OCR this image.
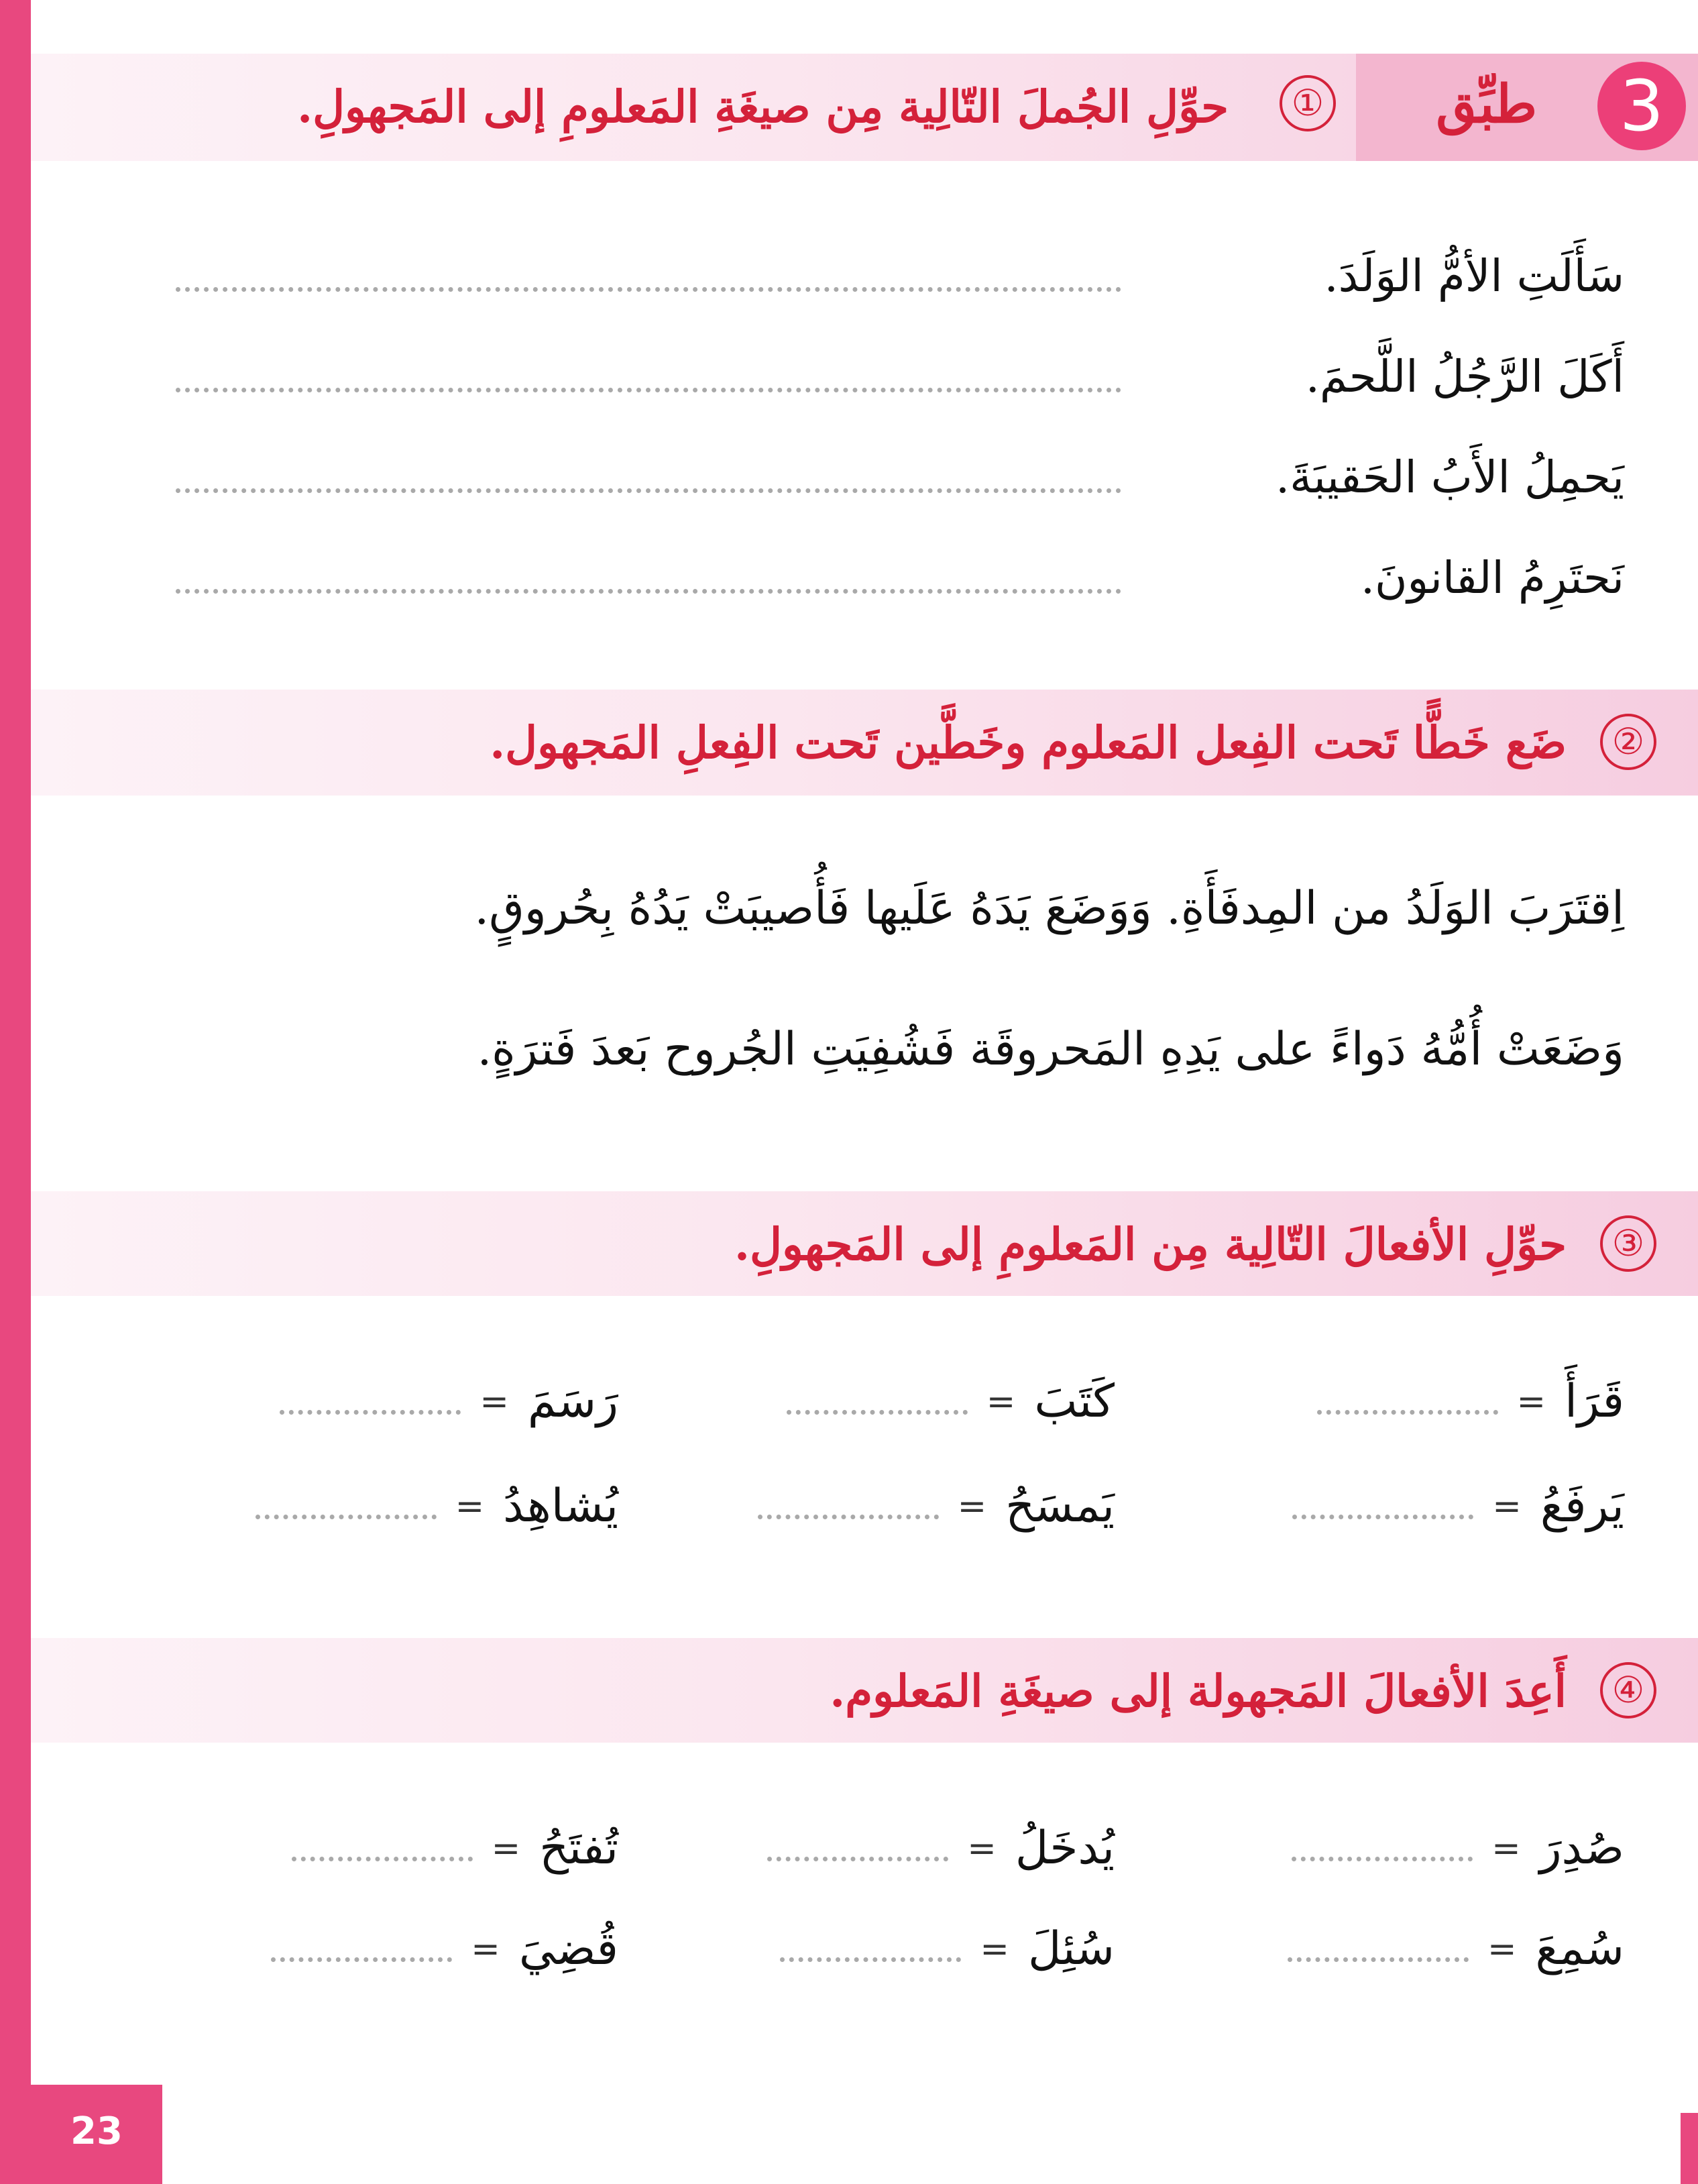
3
طبِّق
①
حوِّلِ الجُملَ التّالِية مِن صيغَةِ المَعلومِ إلى المَجهولِ.
سَأَلَتِ الأمُّ الوَلَدَ.
أَكَلَ الرَّجُلُ اللَّحمَ.
يَحمِلُ الأَبُ الحَقيبَةَ.
نَحتَرِمُ القانونَ.
②
ضَع خَطًّا تَحت الفِعل المَعلوم وخَطَّين تَحت الفِعلِ المَجهول.
اِقتَرَبَ الوَلَدُ من المِدفَأَةِ. وَوَضَعَ يَدَهُ عَلَيها فَأُصيبَتْ يَدُهُ بِحُروقٍ.
وَضَعَتْ أُمُّهُ دَواءً على يَدِهِ المَحروقَة فَشُفِيَتِ الجُروح بَعدَ فَترَةٍ.
③
حوِّلِ الأفعالَ التّالِية مِن المَعلومِ إلى المَجهولِ.
قَرَأَ
=
كَتَبَ
=
رَسَمَ
=
يَرفَعُ
=
يَمسَحُ
=
يُشاهِدُ
=
④
أَعِدَ الأفعالَ المَجهولة إلى صيغَةِ المَعلوم.
صُدِرَ
=
يُدخَلُ
=
تُفتَحُ
=
سُمِعَ
=
سُئِلَ
=
قُضِيَ
=
23
